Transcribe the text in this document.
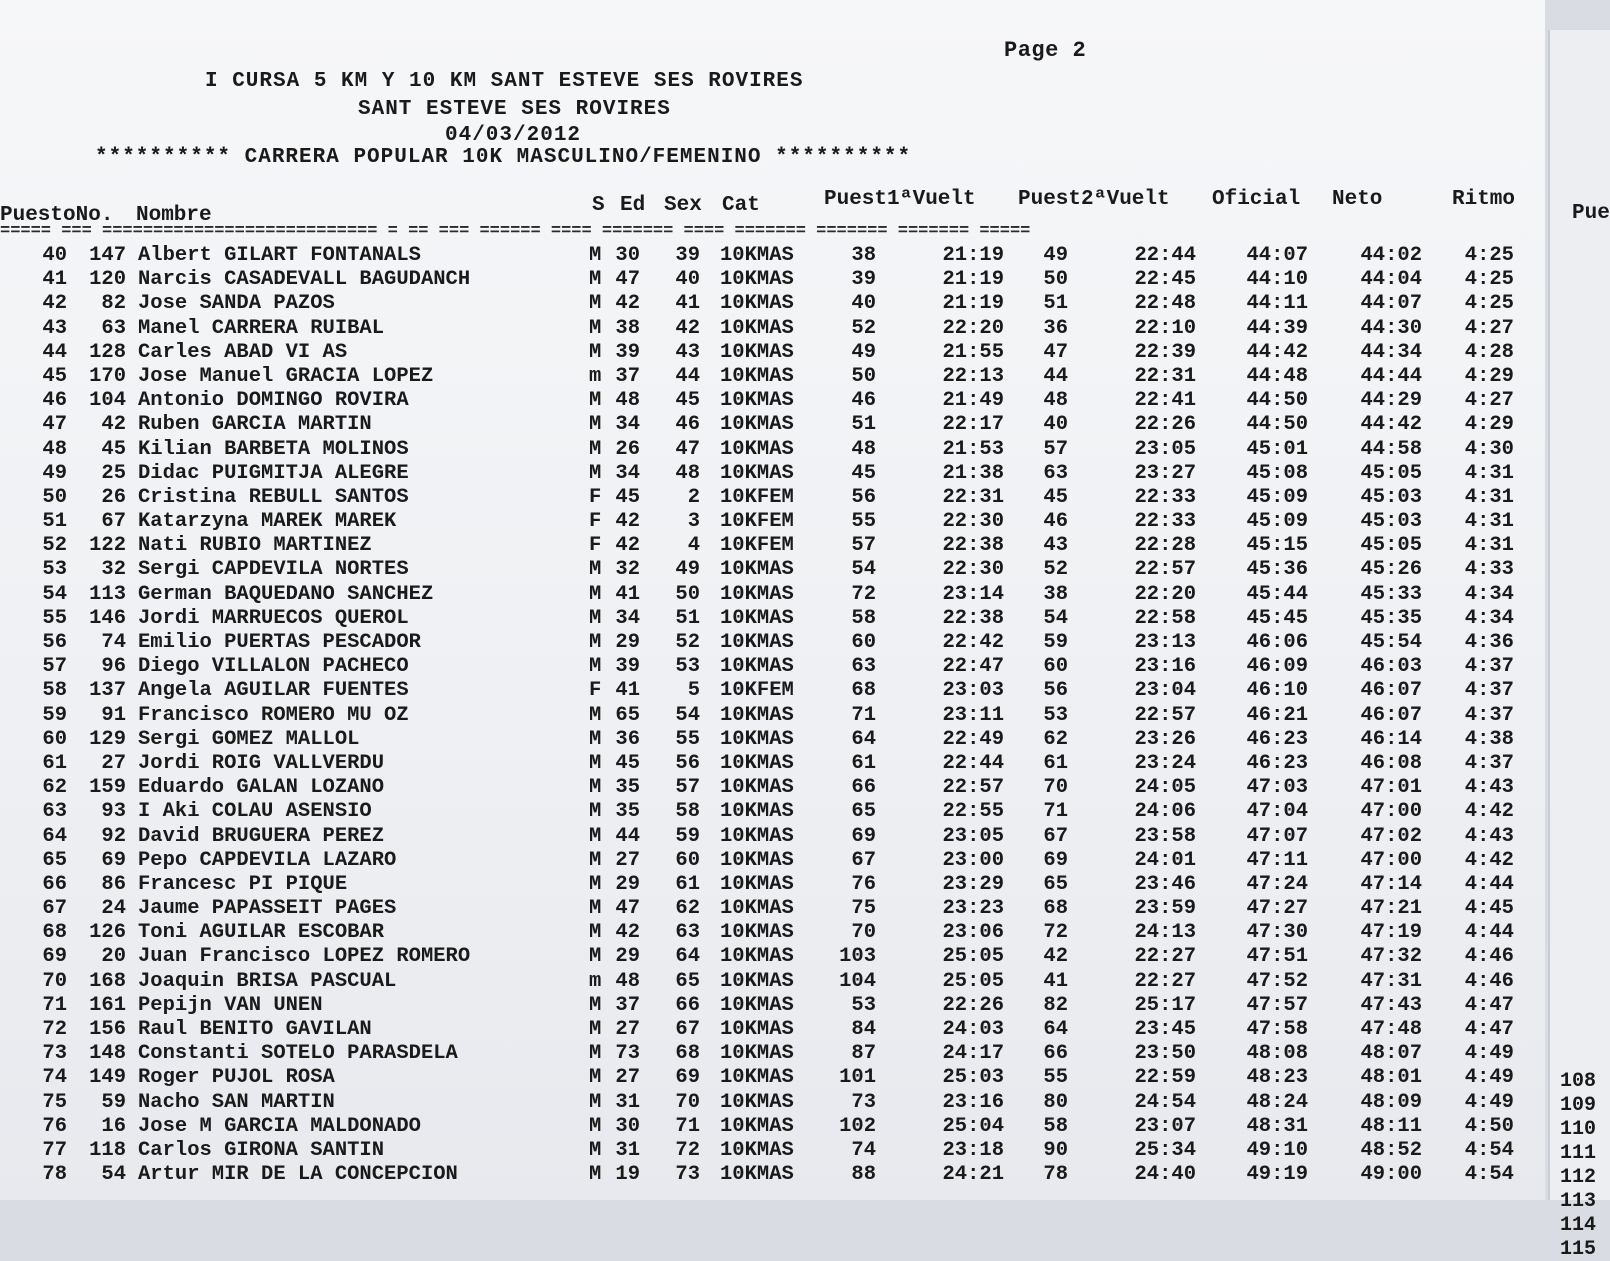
Page 2
I CURSA 5 KM Y 10 KM SANT ESTEVE SES ROVIRES
SANT ESTEVE SES ROVIRES
04/03/2012
********** CARRERA POPULAR 10K MASCULINO/FEMENINO **********
PuestoNo. Nombre	S Ed Sex Cat	Puest1 ªVuelt Puest2 ªVuelt Oficial Neto	Ritmo
===== === =========================== = == === ====== ==== ======= ==== ======= ======= ======= =====
40	147 Albert GILART FONTANALS	M 30	39 10KMAS	38	21:19	49	22:44	44:07	44:02	4:25
41	120 Narcis CASADEVALL BAGUDANCH	M 47	40 10KMAS	39	21:19	50	22:45	44:10	44:04	4:25
42	82 Jose SANDA PAZOS	M 42	41 10KMAS	40	21:19	51	22:48	44:11	44:07	4:25
43	63 Manel CARRERA RUIBAL	M 38	42 10KMAS	52	22:20	36	22:10	44:39	44:30	4:27
44	128 Carles ABAD VI AS	M 39	43 10KMAS	49	21:55	47	22:39	44:42	44:34	4:28
45	170 Jose Manuel GRACIA LOPEZ	m 37	44 10KMAS	50	22:13	44	22:31	44:48	44:44	4:29
46	104 Antonio DOMINGO ROVIRA	M 48	45 10KMAS	46	21:49	48	22:41	44:50	44:29	4:27
47	42 Ruben GARCIA MARTIN	M 34	46 10KMAS	51	22:17	40	22:26	44:50	44:42	4:29
48	45 Kilian BARBETA MOLINOS	M 26	47 10KMAS	48	21:53	57	23:05	45:01	44:58	4:30
49	25 Didac PUIGMITJA ALEGRE	M 34	48 10KMAS	45	21:38	63	23:27	45:08	45:05	4:31
50	26 Cristina REBULL SANTOS	F 45	2 10KFEM	56	22:31	45	22:33	45:09	45:03	4:31
51	67 Katarzyna MAREK MAREK	F 42	3 10KFEM	55	22:30	46	22:33	45:09	45:03	4:31
52	122 Nati RUBIO MARTINEZ	F 42	4 10KFEM	57	22:38	43	22:28	45:15	45:05	4:31
53	32 Sergi CAPDEVILA NORTES	M 32	49 10KMAS	54	22:30	52	22:57	45:36	45:26	4:33
54	113 German BAQUEDANO SANCHEZ	M 41	50 10KMAS	72	23:14	38	22:20	45:44	45:33	4:34
55	146 Jordi MARRUECOS QUEROL	M 34	51 10KMAS	58	22:38	54	22:58	45:45	45:35	4:34
56	74 Emilio PUERTAS PESCADOR	M 29	52 10KMAS	60	22:42	59	23:13	46:06	45:54	4:36
57	96 Diego VILLALON PACHECO	M 39	53 10KMAS	63	22:47	60	23:16	46:09	46:03	4:37
58	137 Angela AGUILAR FUENTES	F 41	5 10KFEM	68	23:03	56	23:04	46:10	46:07	4:37
59	91 Francisco ROMERO MU OZ	M 65	54 10KMAS	71	23:11	53	22:57	46:21	46:07	4:37
60	129 Sergi GOMEZ MALLOL	M 36	55 10KMAS	64	22:49	62	23:26	46:23	46:14	4:38
61	27 Jordi ROIG VALLVERDU	M 45	56 10KMAS	61	22:44	61	23:24	46:23	46:08	4:37
62	159 Eduardo GALAN LOZANO	M 35	57 10KMAS	66	22:57	70	24:05	47:03	47:01	4:43
63	93 I Aki COLAU ASENSIO	M 35	58 10KMAS	65	22:55	71	24:06	47:04	47:00	4:42
64	92 David BRUGUERA PEREZ	M 44	59 10KMAS	69	23:05	67	23:58	47:07	47:02	4:43
65	69 Pepo CAPDEVILA LAZARO	M 27	60 10KMAS	67	23:00	69	24:01	47:11	47:00	4:42
66	86 Francesc PI PIQUE	M 29	61 10KMAS	76	23:29	65	23:46	47:24	47:14	4:44
67	24 Jaume PAPASSEIT PAGES	M 47	62 10KMAS	75	23:23	68	23:59	47:27	47:21	4:45
68	126 Toni AGUILAR ESCOBAR	M 42	63 10KMAS	70	23:06	72	24:13	47:30	47:19	4:44
69	20 Juan Francisco LOPEZ ROMERO	M 29	64 10KMAS	103	25:05	42	22:27	47:51	47:32	4:46
70	168 Joaquin BRISA PASCUAL	m 48	65 10KMAS	104	25:05	41	22:27	47:52	47:31	4:46
71	161 Pepijn VAN UNEN	M 37	66 10KMAS	53	22:26	82	25:17	47:57	47:43	4:47
72	156 Raul BENITO GAVILAN	M 27	67 10KMAS	84	24:03	64	23:45	47:58	47:48	4:47
73	148 Constanti SOTELO PARASDELA	M 73	68 10KMAS	87	24:17	66	23:50	48:08	48:07	4:49
74	149 Roger PUJOL ROSA	M 27	69 10KMAS	101	25:03	55	22:59	48:23	48:01	4:49
75	59 Nacho SAN MARTIN	M 31	70 10KMAS	73	23:16	80	24:54	48:24	48:09	4:49
76	16 Jose M GARCIA MALDONADO	M 30	71 10KMAS	102	25:04	58	23:07	48:31	48:11	4:50
77	118 Carlos GIRONA SANTIN	M 31	72 10KMAS	74	23:18	90	25:34	49:10	48:52	4:54
78	54 Artur MIR DE LA CONCEPCION	M 19	73 10KMAS	88	24:21	78	24:40	49:19	49:00	4:54
Pue
108
109
110
111
112
113
114
115
